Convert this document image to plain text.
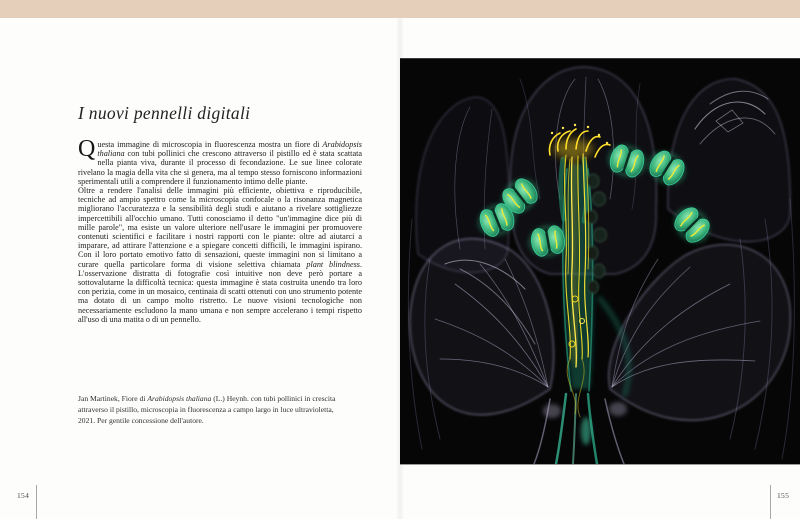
I nuovi pennelli digitali

Questa immagine di microscopia in fluorescenza mostra un fiore di Arabidopsis thaliana con tubi pollinici che crescono attraverso il pistillo ed è stata scattata nella pianta viva, durante il processo di fecondazione. Le sue linee colorate rivelano la magia della vita che si genera, ma al tempo stesso forniscono informazioni sperimentali utili a comprendere il funzionamento intimo delle piante.

Oltre a rendere l'analisi delle immagini più efficiente, obiettiva e riproducibile, tecniche ad ampio spettro come la microscopia confocale o la risonanza magnetica migliorano l'accuratezza e la sensibilità degli studi e aiutano a rivelare sottigliezze impercettibili all'occhio umano. Tutti conosciamo il detto "un'immagine dice più di mille parole", ma esiste un valore ulteriore nell'usare le immagini per promuovere contenuti scientifici e facilitare i nostri rapporti con le piante: oltre ad aiutarci a imparare, ad attirare l'attenzione e a spiegare concetti difficili, le immagini ispirano. Con il loro portato emotivo fatto di sensazioni, queste immagini non si limitano a curare quella particolare forma di visione selettiva chiamata plant blindness. L'osservazione distratta di fotografie così intuitive non deve però portare a sottovalutarne la difficoltà tecnica: questa immagine è stata costruita unendo tra loro con perizia, come in un mosaico, centinaia di scatti ottenuti con uno strumento potente ma dotato di un campo molto ristretto. Le nuove visioni tecnologiche non necessariamente escludono la mano umana e non sempre accelerano i tempi rispetto all'uso di una matita o di un pennello.

Jan Martinek, Fiore di Arabidopsis thaliana (L.) Heynh. con tubi pollinici in crescita attraverso il pistillo, microscopia in fluorescenza a campo largo in luce ultravioletta, 2021. Per gentile concessione dell'autore.
154	155
